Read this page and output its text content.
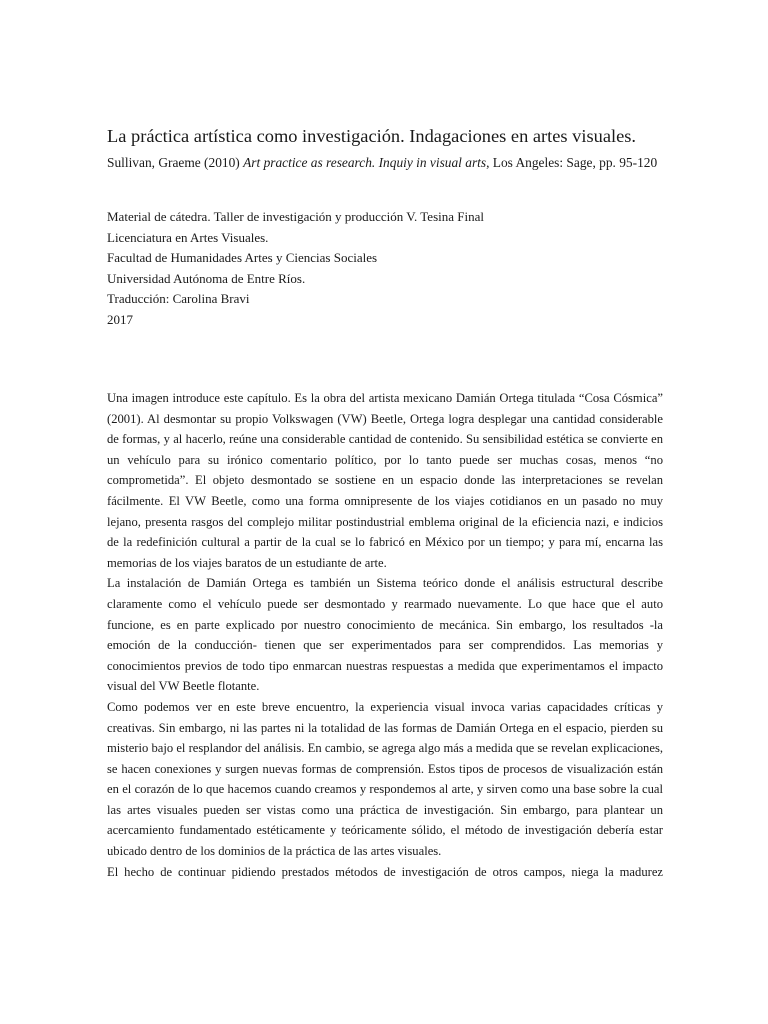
La práctica artística como investigación. Indagaciones en artes visuales.
Sullivan, Graeme (2010) Art practice as research. Inquiy in visual arts, Los Angeles: Sage, pp. 95-120
Material de cátedra. Taller de investigación y producción V. Tesina Final
Licenciatura en Artes Visuales.
Facultad de Humanidades Artes y Ciencias Sociales
Universidad Autónoma de Entre Ríos.
Traducción: Carolina Bravi
2017

Una imagen introduce este capítulo. Es la obra del artista mexicano Damián Ortega titulada “Cosa Cósmica” (2001). Al desmontar su propio Volkswagen (VW) Beetle, Ortega logra desplegar una cantidad considerable de formas, y al hacerlo, reúne una considerable cantidad de contenido. Su sensibilidad estética se convierte en un vehículo para su irónico comentario político, por lo tanto puede ser muchas cosas, menos “no comprometida”. El objeto desmontado se sostiene en un espacio donde las interpretaciones se revelan fácilmente. El VW Beetle, como una forma omnipresente de los viajes cotidianos en un pasado no muy lejano, presenta rasgos del complejo militar postindustrial emblema original de la eficiencia nazi, e indicios de la redefinición cultural a partir de la cual se lo fabricó en México por un tiempo; y para mí, encarna las memorias de los viajes baratos de un estudiante de arte.

La instalación de Damián Ortega es también un Sistema teórico donde el análisis estructural describe claramente como el vehículo puede ser desmontado y rearmado nuevamente. Lo que hace que el auto funcione, es en parte explicado por nuestro conocimiento de mecánica. Sin embargo, los resultados -la emoción de la conducción- tienen que ser experimentados para ser comprendidos. Las memorias y conocimientos previos de todo tipo enmarcan nuestras respuestas a medida que experimentamos el impacto visual del VW Beetle flotante.

Como podemos ver en este breve encuentro, la experiencia visual invoca varias capacidades críticas y creativas. Sin embargo, ni las partes ni la totalidad de las formas de Damián Ortega en el espacio, pierden su misterio bajo el resplandor del análisis. En cambio, se agrega algo más a medida que se revelan explicaciones, se hacen conexiones y surgen nuevas formas de comprensión. Estos tipos de procesos de visualización están en el corazón de lo que hacemos cuando creamos y respondemos al arte, y sirven como una base sobre la cual las artes visuales pueden ser vistas como una práctica de investigación. Sin embargo, para plantear un acercamiento fundamentado estéticamente y teóricamente sólido, el método de investigación debería estar ubicado dentro de los dominios de la práctica de las artes visuales.

El hecho de continuar pidiendo prestados métodos de investigación de otros campos, niega la madurez
